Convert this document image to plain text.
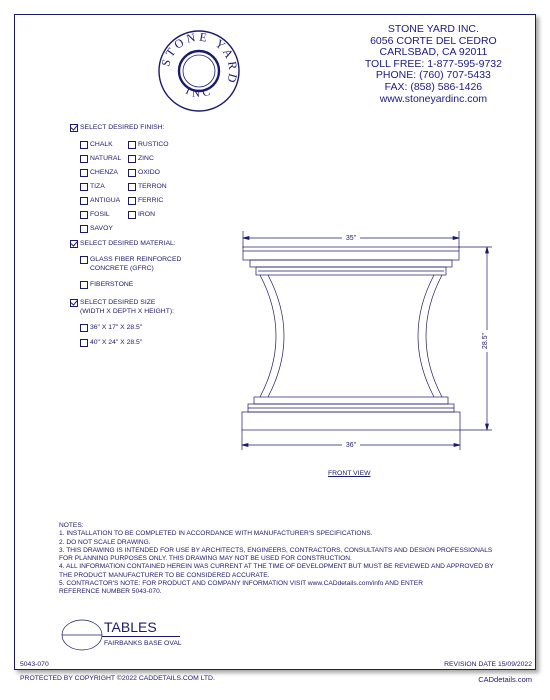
STONE YARD
INC
STONE YARD INC.
6056 CORTE DEL CEDRO
CARLSBAD, CA 92011
TOLL FREE: 1-877-595-9732
PHONE: (760) 707-5433
FAX: (858) 586-1426
www.stoneyardinc.com
SELECT DESIRED FINISH:
CHALK
NATURAL
CHENZA
TIZA
ANTIGUA
FOSIL
SAVOY
RUSTICO
ZINC
OXIDO
TERRON
FERRIC
IRON
SELECT DESIRED MATERIAL:
GLASS FIBER REINFORCED
CONCRETE (GFRC)
FIBERSTONE
SELECT DESIRED SIZE
(WIDTH X DEPTH X HEIGHT):
36" X 17" X 28.5"
40" X 24" X 28.5"
35"
36"
28.5"
FRONT VIEW
NOTES:
1. INSTALLATION TO BE COMPLETED IN ACCORDANCE WITH MANUFACTURER'S SPECIFICATIONS.
2. DO NOT SCALE DRAWING.
3. THIS DRAWING IS INTENDED FOR USE BY ARCHITECTS, ENGINEERS, CONTRACTORS, CONSULTANTS AND DESIGN PROFESSIONALS
FOR PLANNING PURPOSES ONLY. THIS DRAWING MAY NOT BE USED FOR CONSTRUCTION.
4. ALL INFORMATION CONTAINED HEREIN WAS CURRENT AT THE TIME OF DEVELOPMENT BUT MUST BE REVIEWED AND APPROVED BY
THE PRODUCT MANUFACTURER TO BE CONSIDERED ACCURATE.
5. CONTRACTOR'S NOTE: FOR PRODUCT AND COMPANY INFORMATION VISIT www.CADdetails.com/info AND ENTER
REFERENCE NUMBER 5043-070.
TABLES
FAIRBANKS BASE OVAL
5043-070	REVISION DATE 15/09/2022
PROTECTED BY COPYRIGHT ©2022 CADDETAILS.COM LTD.	CADdetails.com
